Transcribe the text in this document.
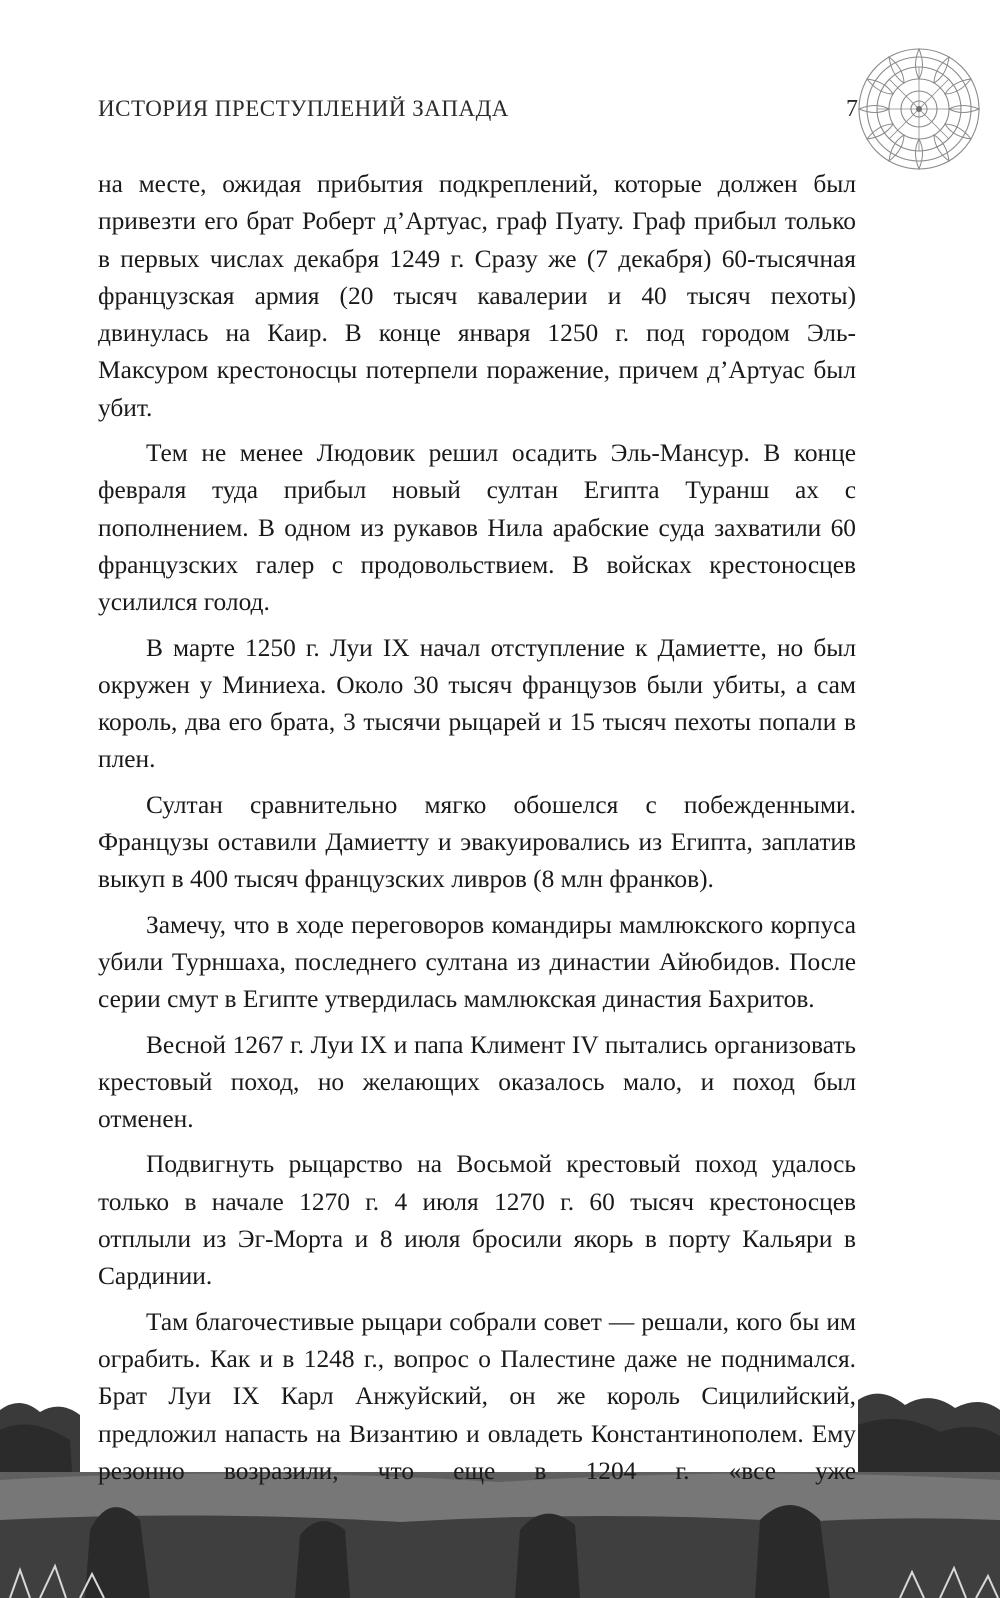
ИСТОРИЯ ПРЕСТУПЛЕНИЙ ЗАПАДА	7

на месте, ожидая прибытия подкреплений, которые должен был привезти его брат Роберт д’Артуас, граф Пуату. Граф прибыл только в первых числах декабря 1249 г. Сразу же (7 декабря) 60-тысячная французская армия (20 тысяч кавалерии и 40 тысяч пехоты) двинулась на Каир. В конце января 1250 г. под городом Эль-Максуром крестоносцы потерпели поражение, причем д’Артуас был убит.

Тем не менее Людовик решил осадить Эль-Мансур. В конце февраля туда прибыл новый султан Египта Туранш ах с пополнением. В одном из рукавов Нила арабские суда захватили 60 французских галер с продовольствием. В войсках крестоносцев усилился голод.

В марте 1250 г. Луи IX начал отступление к Дамиетте, но был окружен у Миниеха. Около 30 тысяч французов были убиты, а сам король, два его брата, 3 тысячи рыцарей и 15 тысяч пехоты попали в плен.

Султан сравнительно мягко обошелся с побежденными. Французы оставили Дамиетту и эвакуировались из Египта, заплатив выкуп в 400 тысяч французских ливров (8 млн франков).

Замечу, что в ходе переговоров командиры мамлюкского корпуса убили Турншаха, последнего султана из династии Айюбидов. После серии смут в Египте утвердилась мамлюкская династия Бахритов.

Весной 1267 г. Луи IX и папа Климент IV пытались организовать крестовый поход, но желающих оказалось мало, и поход был отменен.

Подвигнуть рыцарство на Восьмой крестовый поход удалось только в начале 1270 г. 4 июля 1270 г. 60 тысяч крестоносцев отплыли из Эг-Морта и 8 июля бросили якорь в порту Кальяри в Сардинии.

Там благочестивые рыцари собрали совет — решали, кого бы им ограбить. Как и в 1248 г., вопрос о Палестине даже не поднимался. Брат Луи IX Карл Анжуйский, он же король Сицилийский, предложил напасть на Византию и овладеть Константинополем. Ему резонно возразили, что еще в 1204 г. «все уже
